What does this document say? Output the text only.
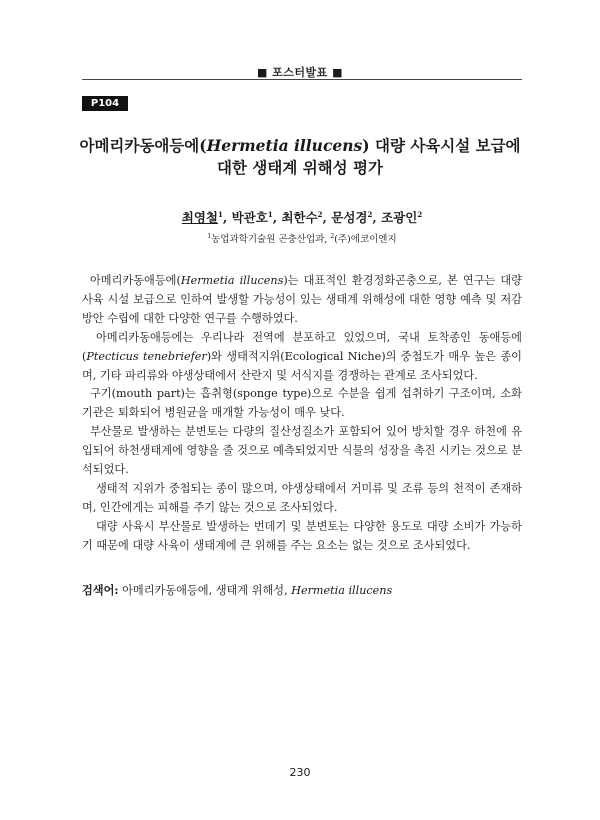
■ 포스터발표 ■
P104
아메리카동애등에(Hermetia illucens) 대량 사육시설 보급에
대한 생태계 위해성 평가
최영철$^1$, 박관호$^1$, 최한수$^2$, 문성경$^2$, 조광인$^2$
$^1$농업과학기술원 곤충산업과, $^2$(주)에코이엔지

아메리카동애등에(Hermetia illucens)는 대표적인 환경정화곤충으로, 본 연구는 대량 사육 시설 보급으로 인하여 발생할 가능성이 있는 생태계 위해성에 대한 영향 예측 및 저감방안 수립에 대한 다양한 연구를 수행하였다.

아메리카동애등에는 우리나라 전역에 분포하고 있었으며, 국내 토착종인 동애등에 (Ptecticus tenebriefer)와 생태적지위(Ecological Niche)의 중첩도가 매우 높은 종이며, 기타 파리류와 야생상태에서 산란지 및 서식지를 경쟁하는 관계로 조사되었다.

구기(mouth part)는 흡취형(sponge type)으로 수분을 쉽게 섭취하기 구조이며, 소화기관은 퇴화되어 병원균을 매개할 가능성이 매우 낮다.

부산물로 발생하는 분변토는 다량의 질산성질소가 포함되어 있어 방치할 경우 하천에 유입되어 하천생태계에 영향을 줄 것으로 예측되었지만 식물의 성장을 촉진 시키는 것으로 분석되었다.

생태적 지위가 중첩되는 종이 많으며, 야생상태에서 거미류 및 조류 등의 천적이 존재하며, 인간에게는 피해를 주기 않는 것으로 조사되었다.

대량 사육시 부산물로 발생하는 번데기 및 분변토는 다양한 용도로 대량 소비가 가능하기 때문에 대량 사육이 생태계에 큰 위해를 주는 요소는 없는 것으로 조사되었다.

검색어: 아메리카동애등에, 생태계 위해성, Hermetia illucens
230
